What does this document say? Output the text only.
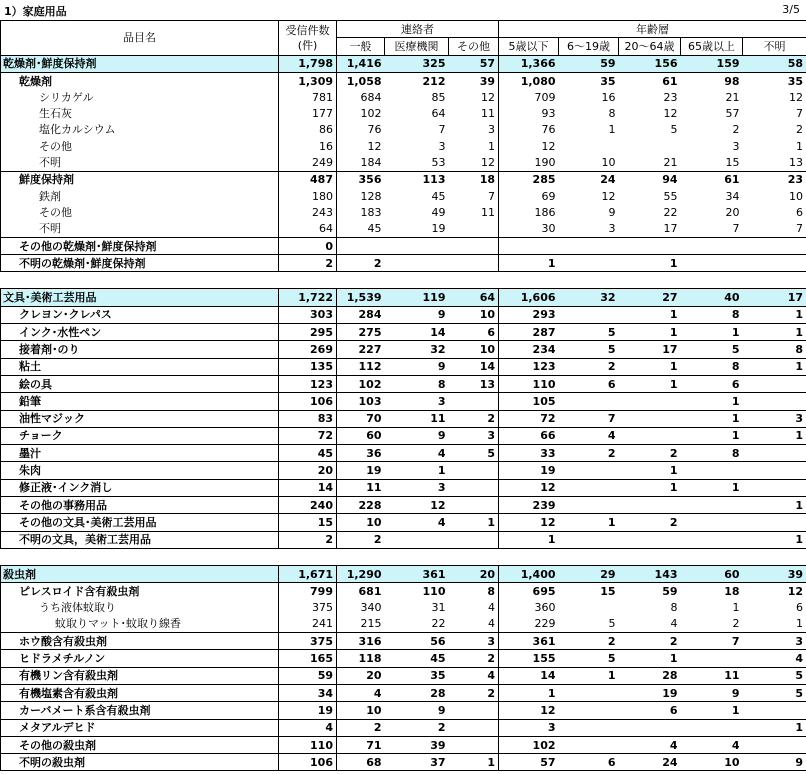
1）家庭用品	3/5
品目名	受信件数
(件)	連絡者			年齢層				
		一般	医療機関	その他	5歳以下	6～19歳	20～64歳	65歳以上	不明
乾燥剤･鮮度保持剤	1,798	1,416	325	57	1,366	59	156	159	58
乾燥剤	1,309	1,058	212	39	1,080	35	61	98	35
シリカゲル	781	684	85	12	709	16	23	21	12
生石灰	177	102	64	11	93	8	12	57	7
塩化カルシウム	86	76	7	3	76	1	5	2	2
その他	16	12	3	1	12			3	1
不明	249	184	53	12	190	10	21	15	13
鮮度保持剤	487	356	113	18	285	24	94	61	23
鉄剤	180	128	45	7	69	12	55	34	10
その他	243	183	49	11	186	9	22	20	6
不明	64	45	19		30	3	17	7	7
その他の乾燥剤･鮮度保持剤	0								
不明の乾燥剤･鮮度保持剤	2	2			1		1		

文具･美術工芸用品	1,722	1,539	119	64	1,606	32	27	40	17
クレヨン･クレパス	303	284	9	10	293		1	8	1
インク･水性ペン	295	275	14	6	287	5	1	1	1
接着剤･のり	269	227	32	10	234	5	17	5	8
粘土	135	112	9	14	123	2	1	8	1
絵の具	123	102	8	13	110	6	1	6	
鉛筆	106	103	3		105			1	
油性マジック	83	70	11	2	72	7		1	3
チョーク	72	60	9	3	66	4		1	1
墨汁	45	36	4	5	33	2	2	8	
朱肉	20	19	1		19		1		
修正液･インク消し	14	11	3		12		1	1	
その他の事務用品	240	228	12		239				1
その他の文具･美術工芸用品	15	10	4	1	12	1	2		
不明の文具，美術工芸用品	2	2			1				1

殺虫剤	1,671	1,290	361	20	1,400	29	143	60	39
ピレスロイド含有殺虫剤	799	681	110	8	695	15	59	18	12
うち液体蚊取り	375	340	31	4	360		8	1	6
蚊取りマット･蚊取り線香	241	215	22	4	229	5	4	2	1
ホウ酸含有殺虫剤	375	316	56	3	361	2	2	7	3
ヒドラメチルノン	165	118	45	2	155	5	1		4
有機リン含有殺虫剤	59	20	35	4	14	1	28	11	5
有機塩素含有殺虫剤	34	4	28	2	1		19	9	5
カーバメート系含有殺虫剤	19	10	9		12		6	1	
メタアルデヒド	4	2	2		3				1
その他の殺虫剤	110	71	39		102		4	4	
不明の殺虫剤	106	68	37	1	57	6	24	10	9
